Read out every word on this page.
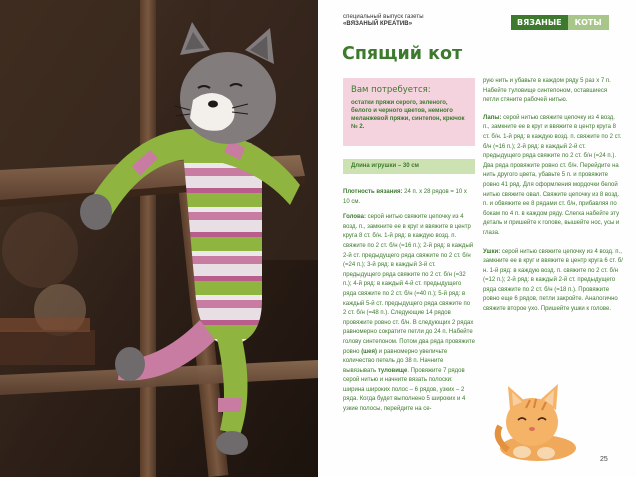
специальный выпуск газеты
«ВЯЗАНЫЙ КРЕАТИВ»	ВЯЗАНЫЕ	КОТЫ
Спящий кот
Вам потребуется:
остатки пряжи серого, зеленого, белого и черного цветов, немного меланжевой пряжи, синтепон, крючок № 2.
Длина игрушки – 30 см

Плотность вязания: 24 п. х 28 рядов = 10 х 10 см.

Голова: серой нитью свяжите цепочку из 4 возд. п., замкните ее в круг и ввяжите в центр круга 8 ст. б/н. 1-й ряд: в каждую возд. п. свяжите по 2 ст. б/н (=16 п.); 2-й ряд: в каждый 2-й ст. предыдущего ряда свяжите по 2 ст. б/н (=24 п.); 3-й ряд: в каждый 3-й ст. предыдущего ряда свяжите по 2 ст. б/н (=32 п.); 4-й ряд: в каждый 4-й ст. предыдущего ряда свяжите по 2 ст. б/н (=40 п.); 5-й ряд: в каждый 5-й ст. предыдущего ряда свяжите по 2 ст. б/н (=48 п.). Следующие 14 рядов провяжите ровно ст. б/н. В следующих 2 рядах равномерно сократите петли до 24 п. Набейте голову синтепоном. Потом два ряда провяжите ровно (шея) и равномерно увеличьте количество петель до 38 п. Начните вывязывать туловище. Провяжите 7 рядов серой нитью и начните вязать полоски: ширина широких полос – 6 рядов, узких – 2 ряда. Когда будет выполнено 5 широких и 4 узкие полосы, перейдите на се-

рую нить и убавьте в каждом ряду 5 раз х 7 п. Набейте туловище синтепоном, оставшиеся петли стяните рабочей нитью.

Лапы: серой нитью свяжите цепочку из 4 возд. п., замкните ее в круг и ввяжите в центр круга 8 ст. б/н. 1-й ряд: в каждую возд. п. свяжите по 2 ст. б/н (=16 п.); 2-й ряд: в каждый 2-й ст. предыдущего ряда свяжите по 2 ст. б/н (=24 п.). Два ряда провяжите ровно ст. б/н. Перейдите на нить другого цвета, убавьте 5 п. и провяжите ровно 41 ряд. Для оформления мордочки белой нитью свяжите овал. Свяжите цепочку из 8 возд. п. и обвяжите ее 8 рядами ст. б/н, прибавляя по бокам по 4 п. в каждом ряду. Слегка набейте эту деталь и пришейте к голове, вышейте нос, усы и глаза.

Ушки: серой нитью свяжите цепочку из 4 возд. п., замкните ее в круг и ввяжите в центр круга 6 ст. б/н. 1-й ряд: в каждую возд. п. свяжите по 2 ст. б/н (=12 п.); 2-й ряд: в каждый 2-й ст. предыдущего ряда свяжите по 2 ст. б/н (=18 п.). Провяжите ровно еще 6 рядов, петли закройте. Аналогично свяжите второе ухо. Пришейте ушки к голове.

25
